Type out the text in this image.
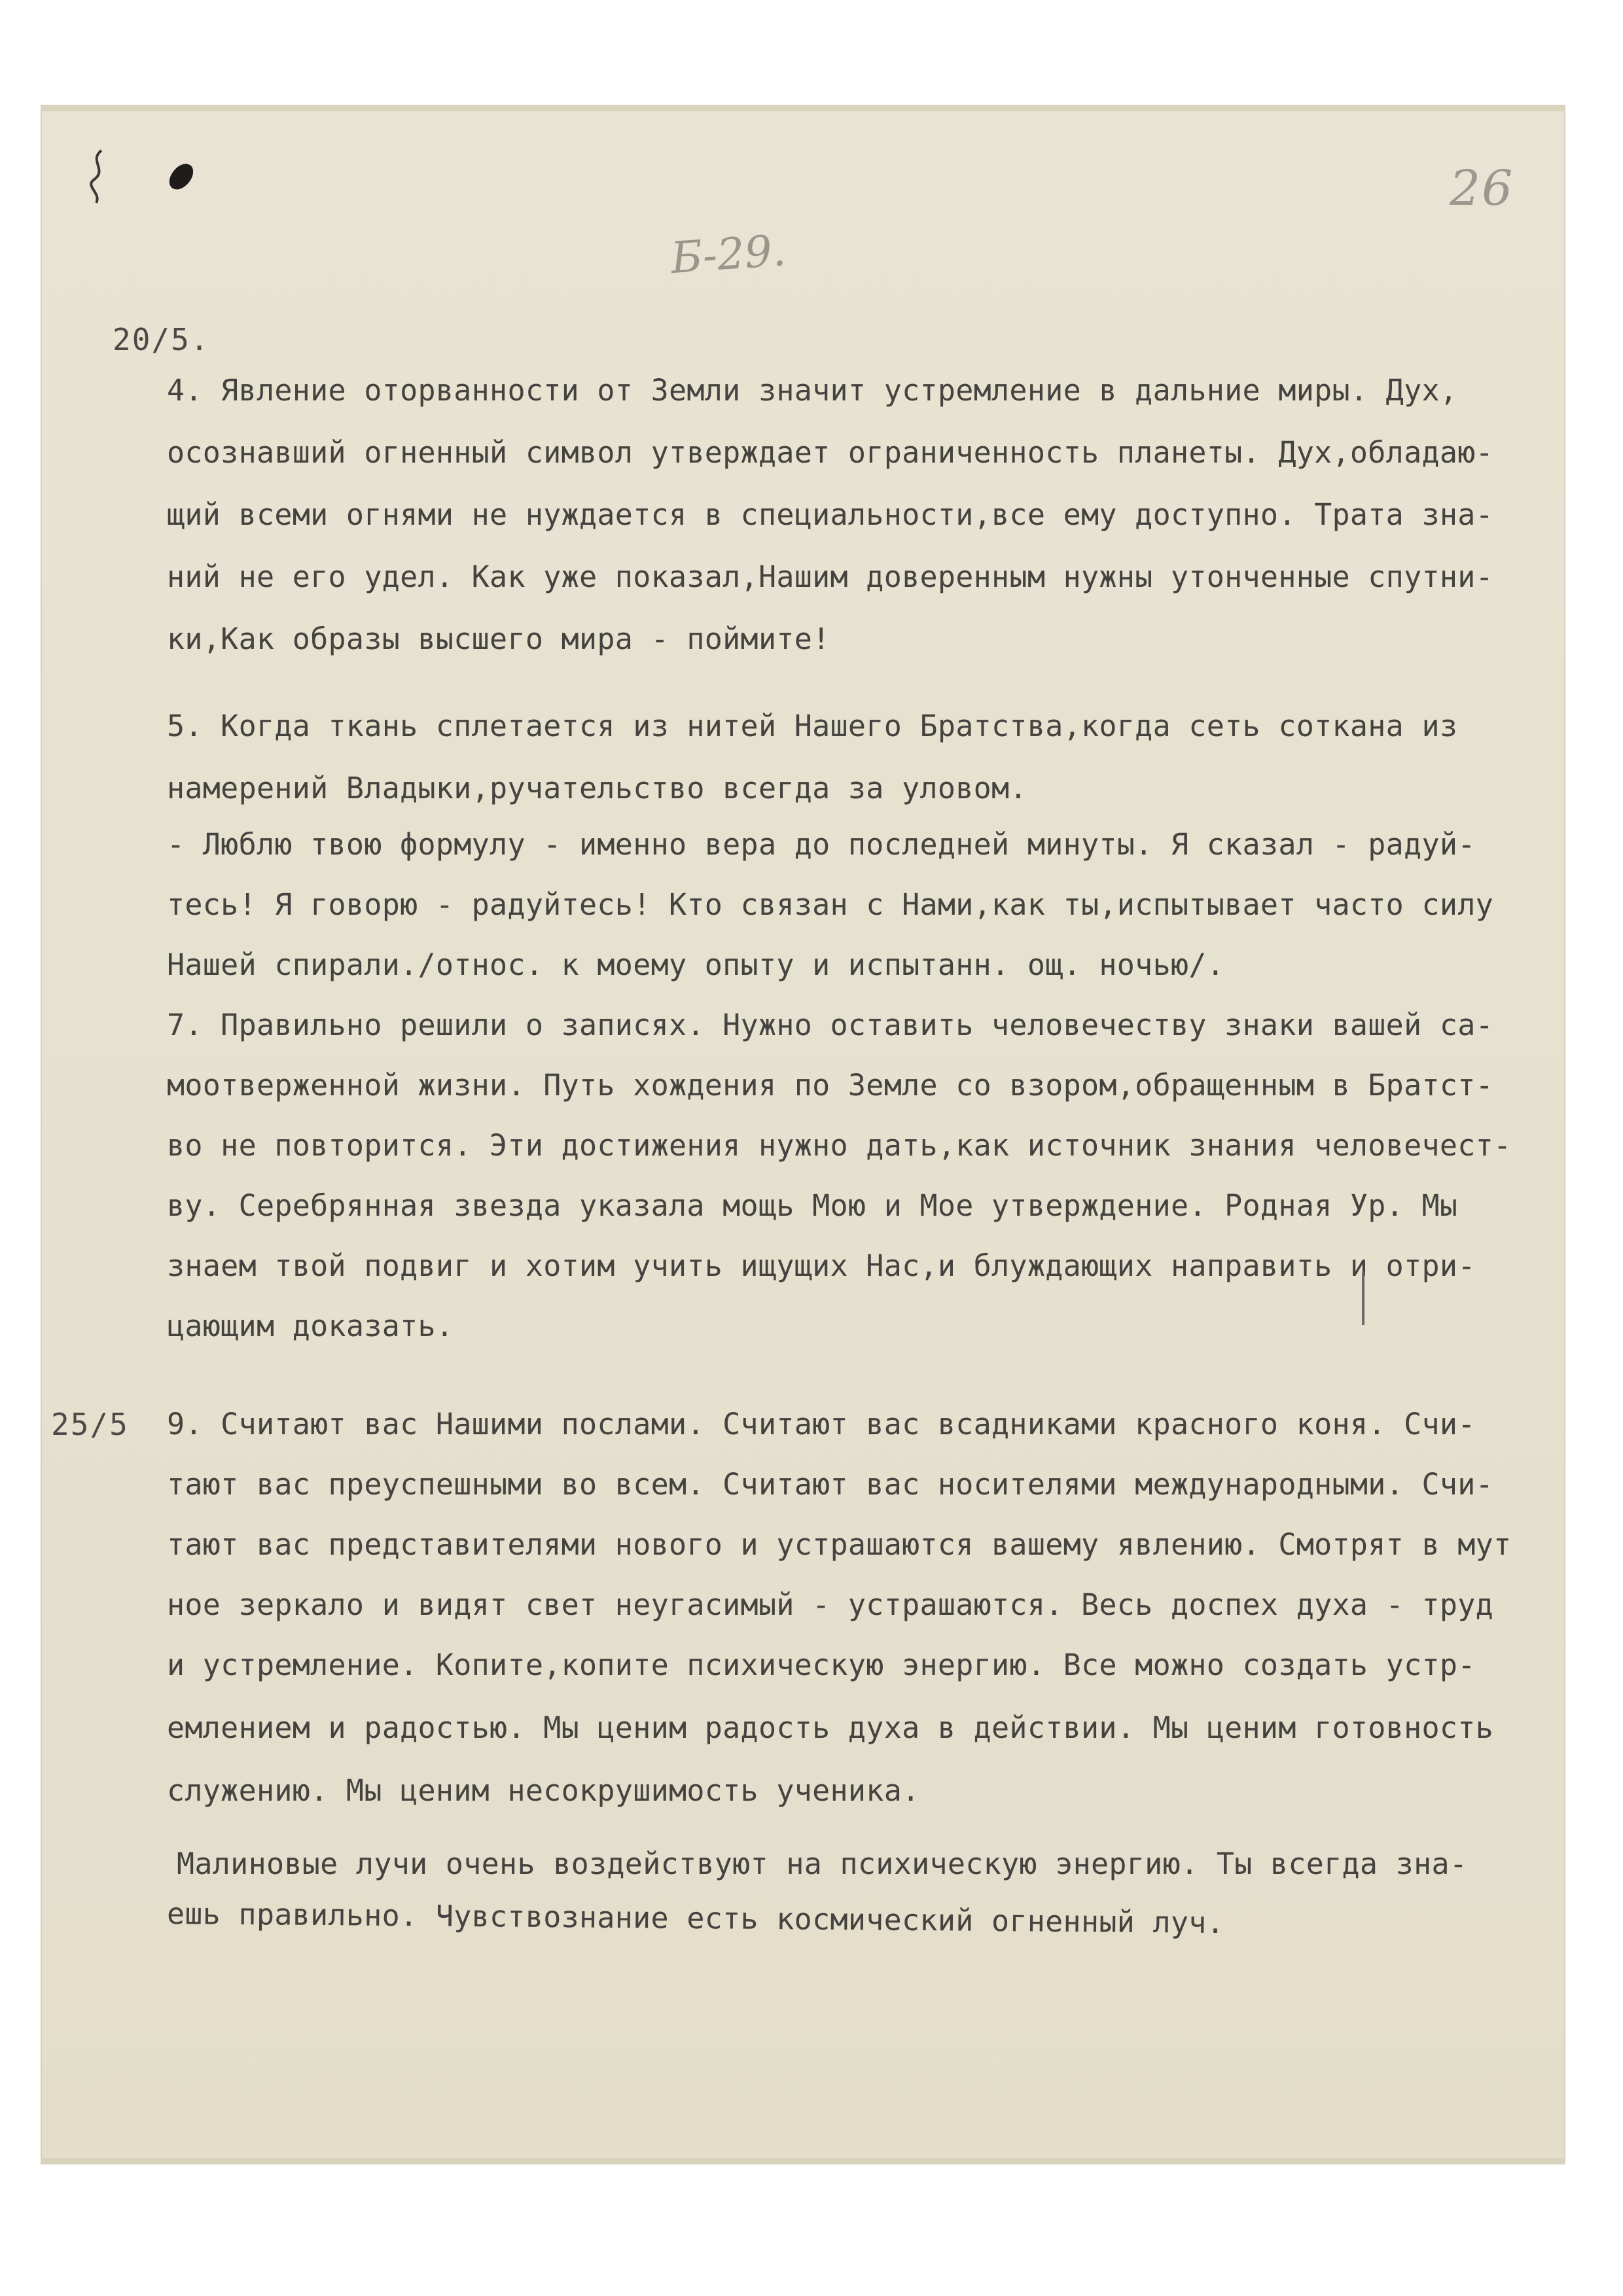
26
Б-29.
20/5.
4. Явление оторванности от Земли значит устремление в дальние миры. Дух,
осознавший огненный символ утверждает ограниченность планеты. Дух,обладаю-
щий всеми огнями не нуждается в специальности,все ему доступно. Трата зна-
ний не его удел. Как уже показал,Нашим доверенным нужны утонченные спутни-
ки,Как образы высшего мира - поймите!
5. Когда ткань сплетается из нитей Нашего Братства,когда сеть соткана из
намерений Владыки,ручательство всегда за уловом.
- Люблю твою формулу - именно вера до последней минуты. Я сказал - радуй-
тесь! Я говорю - радуйтесь! Кто связан с Нами,как ты,испытывает часто силу
Нашей спирали./относ. к моему опыту и испытанн. ощ. ночью/.
7. Правильно решили о записях. Нужно оставить человечеству знаки вашей са-
моотверженной жизни. Путь хождения по Земле со взором,обращенным в Братст-
во не повторится. Эти достижения нужно дать,как источник знания человечест-
ву. Серебрянная звезда указала мощь Мою и Мое утверждение. Родная Ур. Мы
знаем твой подвиг и хотим учить ищущих Нас,и блуждающих направить и отри-
цающим доказать.
25/5 9. Считают вас Нашими послами. Считают вас всадниками красного коня. Счи-
тают вас преуспешными во всем. Считают вас носителями международными. Счи-
тают вас представителями нового и устрашаются вашему явлению. Смотрят в мут
ное зеркало и видят свет неугасимый - устрашаются. Весь доспех духа - труд
и устремление. Копите,копите психическую энергию. Все можно создать устр-
емлением и радостью. Мы ценим радость духа в действии. Мы ценим готовность
служению. Мы ценим несокрушимость ученика.
Малиновые лучи очень воздействуют на психическую энергию. Ты всегда зна-
ешь правильно. Чувствознание есть космический огненный луч.
